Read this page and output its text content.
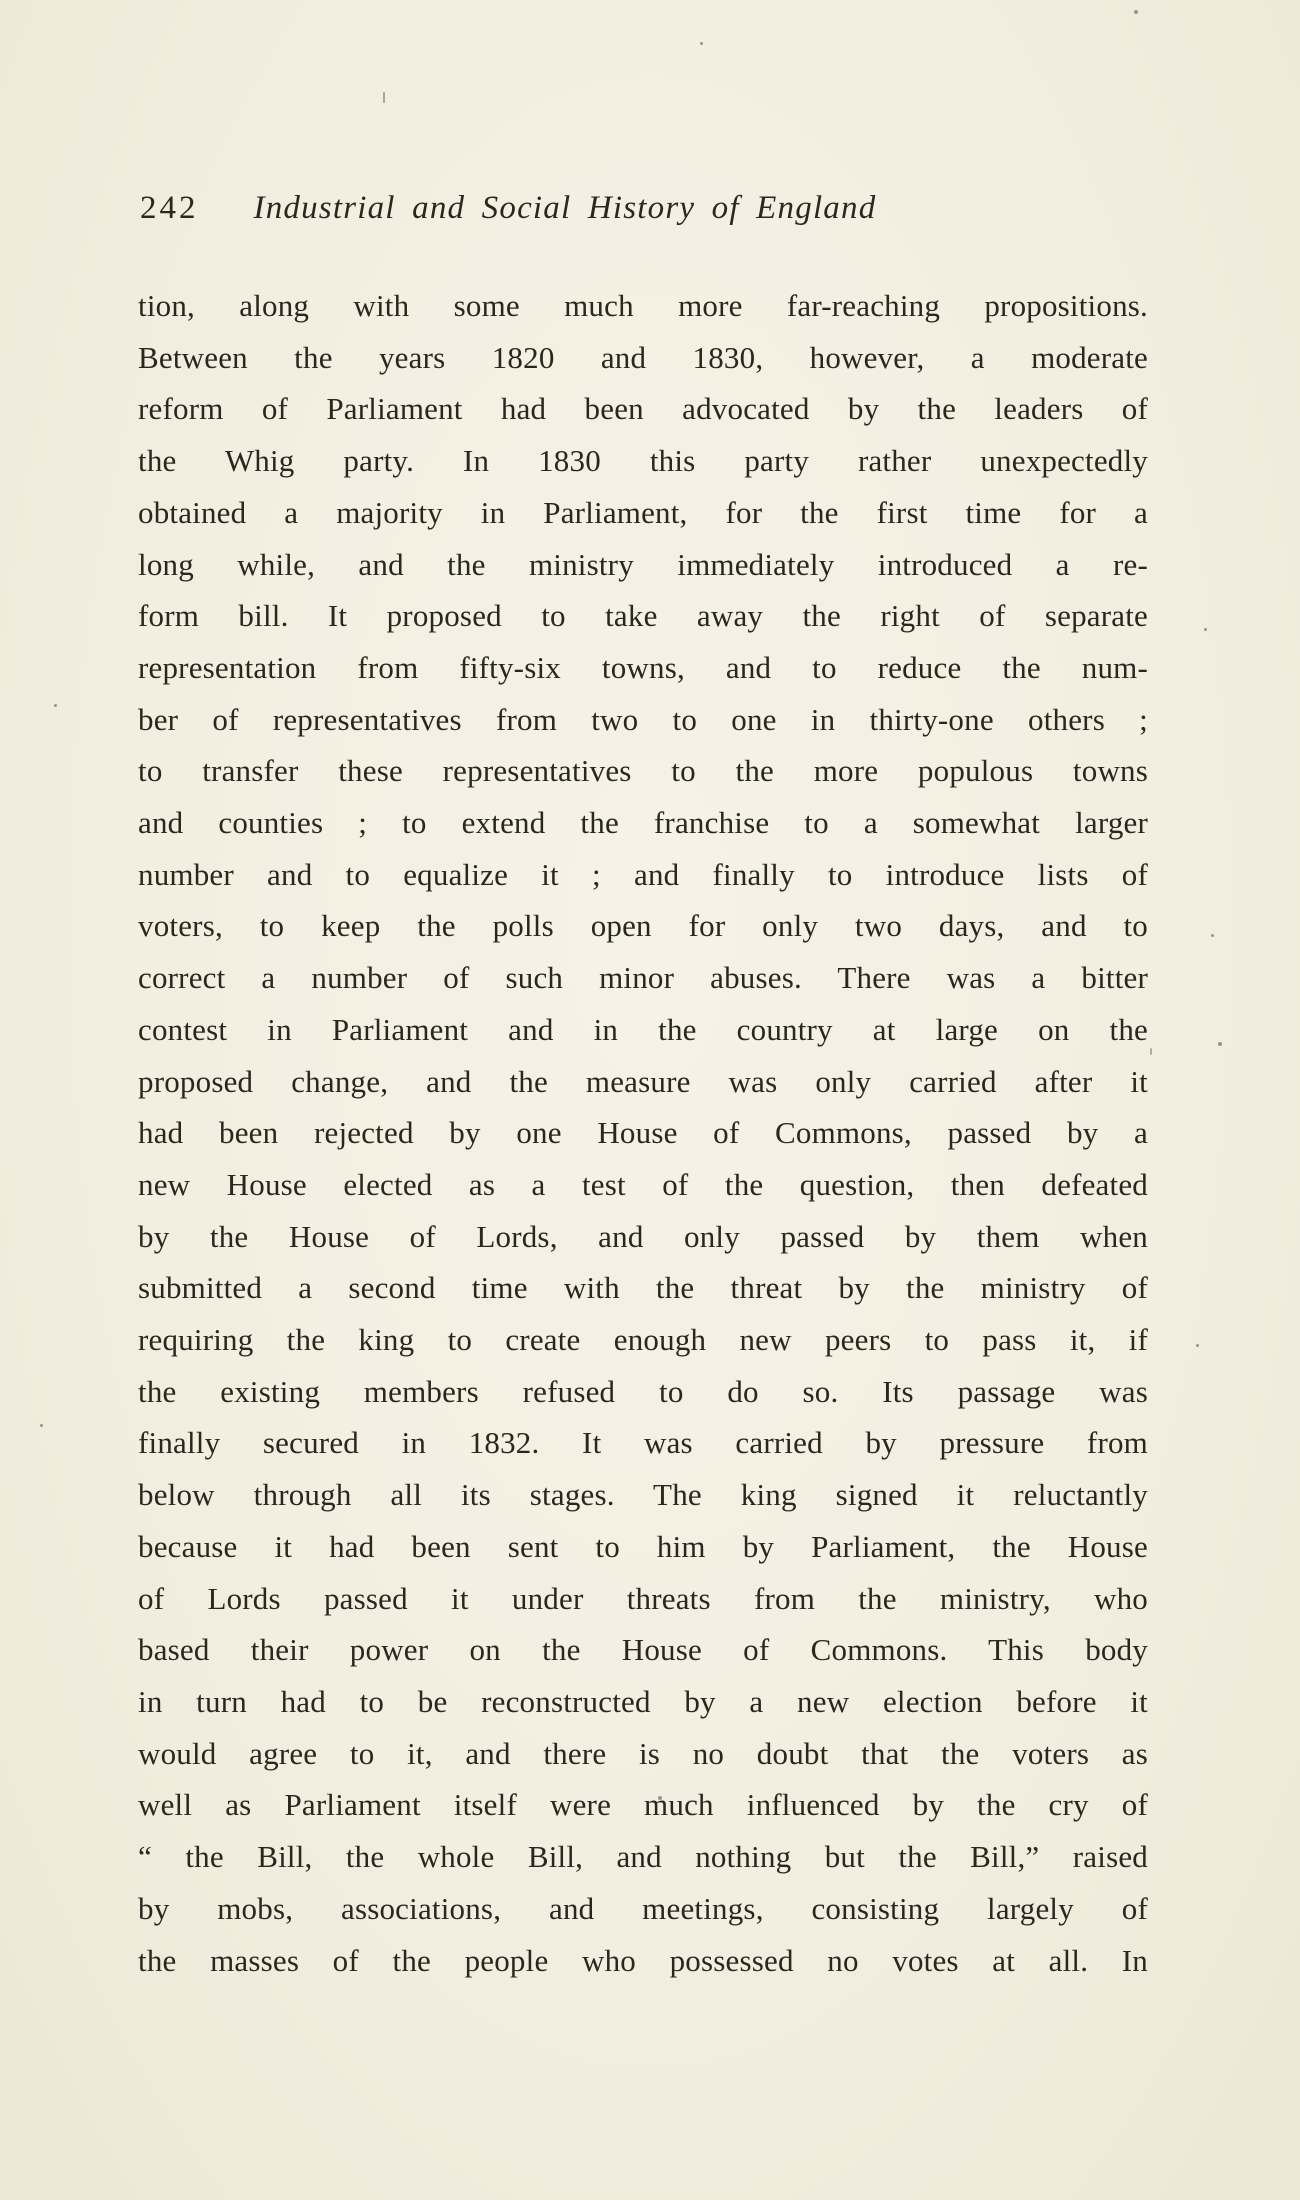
242 Industrial and Social History of England
tion, along with some much more far-reaching propositions.
Between the years 1820 and 1830, however, a moderate
reform of Parliament had been advocated by the leaders of
the Whig party. In 1830 this party rather unexpectedly
obtained a majority in Parliament, for the first time for a
long while, and the ministry immediately introduced a re-
form bill. It proposed to take away the right of separate
representation from fifty-six towns, and to reduce the num-
ber of representatives from two to one in thirty-one others ;
to transfer these representatives to the more populous towns
and counties ; to extend the franchise to a somewhat larger
number and to equalize it ; and finally to introduce lists of
voters, to keep the polls open for only two days, and to
correct a number of such minor abuses. There was a bitter
contest in Parliament and in the country at large on the
proposed change, and the measure was only carried after it
had been rejected by one House of Commons, passed by a
new House elected as a test of the question, then defeated
by the House of Lords, and only passed by them when
submitted a second time with the threat by the ministry of
requiring the king to create enough new peers to pass it, if
the existing members refused to do so. Its passage was
finally secured in 1832. It was carried by pressure from
below through all its stages. The king signed it reluctantly
because it had been sent to him by Parliament, the House
of Lords passed it under threats from the ministry, who
based their power on the House of Commons. This body
in turn had to be reconstructed by a new election before it
would agree to it, and there is no doubt that the voters as
well as Parliament itself were much influenced by the cry of
“ the Bill, the whole Bill, and nothing but the Bill,” raised
by mobs, associations, and meetings, consisting largely of
the masses of the people who possessed no votes at all. In
